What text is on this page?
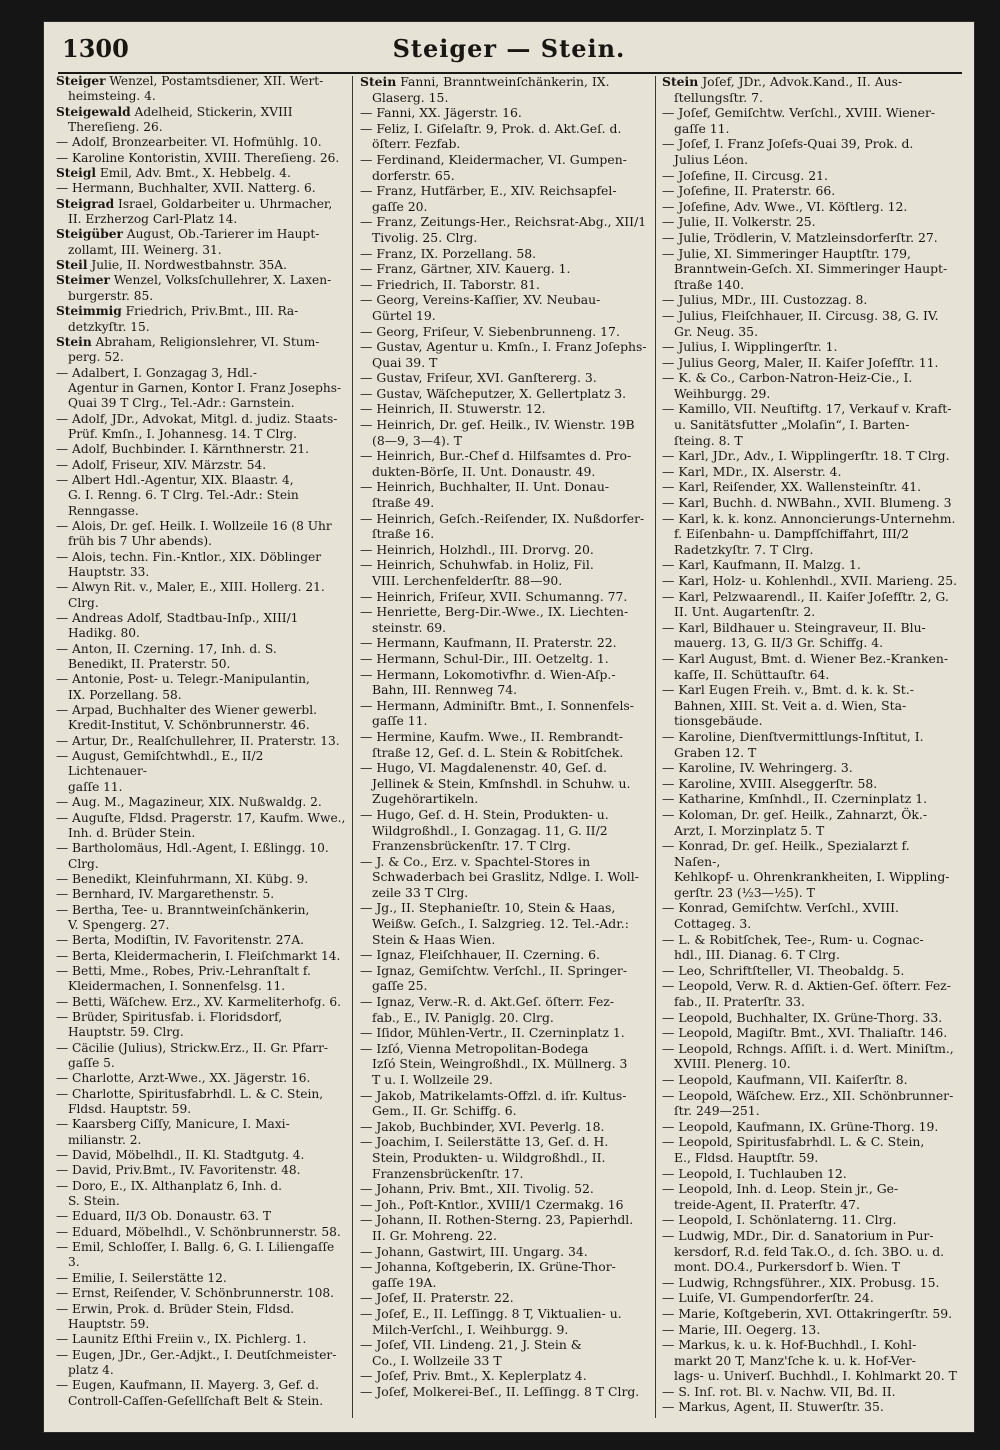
1300	Steiger — Stein.

Steiger Wenzel, Postamtsdiener, XII. Wert-
heimsteing. 4.

Steigewald Adelheid, Stickerin, XVIII
Thereſieng. 26.

— Adolf, Bronzearbeiter. VI. Hofmühlg. 10.

— Karoline Kontoristin, XVIII. Thereſieng. 26.

Steigl Emil, Adv. Bmt., X. Hebbelg. 4.

— Hermann, Buchhalter, XVII. Natterg. 6.

Steigrad Israel, Goldarbeiter u. Uhrmacher,
II. Erzherzog Carl-Platz 14.

Steigüber August, Ob.-Tarierer im Haupt-
zollamt, III. Weinerg. 31.

Steil Julie, II. Nordwestbahnstr. 35A.

Steimer Wenzel, Volksſchullehrer, X. Laxen-
burgerstr. 85.

Steimmig Friedrich, Priv.Bmt., III. Ra-
detzkyſtr. 15.

Stein Abraham, Religionslehrer, VI. Stum-
perg. 52.

— Adalbert, I. Gonzagag 3, Hdl.-
Agentur in Garnen, Kontor I. Franz Josephs-
Quai 39 T Clrg., Tel.-Adr.: Garnstein.

— Adolf, JDr., Advokat, Mitgl. d. judiz. Staats-
Prüf. Kmſn., I. Johannesg. 14. T Clrg.

— Adolf, Buchbinder. I. Kärnthnerstr. 21.

— Adolf, Friseur, XIV. Märzstr. 54.

— Albert Hdl.-Agentur, XIX. Blaastr. 4,
G. I. Renng. 6. T Clrg. Tel.-Adr.: Stein
Renngasse.

— Alois, Dr. geſ. Heilk. I. Wollzeile 16 (8 Uhr
früh bis 7 Uhr abends).

— Alois, techn. Fin.-Kntlor., XIX. Döblinger
Hauptstr. 33.

— Alwyn Rit. v., Maler, E., XIII. Hollerg. 21.
Clrg.

— Andreas Adolf, Stadtbau-Inſp., XIII/1
Hadikg. 80.

— Anton, II. Czerning. 17, Inh. d. S.
Benedikt, II. Praterstr. 50.

— Antonie, Post- u. Telegr.-Manipulantin,
IX. Porzellang. 58.

— Arpad, Buchhalter des Wiener gewerbl.
Kredit-Institut, V. Schönbrunnerstr. 46.

— Artur, Dr., Realſchullehrer, II. Praterstr. 13.

— August, Gemiſchtwhdl., E., II/2 Lichtenauer-
gaſſe 11.

— Aug. M., Magazineur, XIX. Nußwaldg. 2.

— Auguſte, Fldsd. Pragerstr. 17, Kaufm. Wwe.,
Inh. d. Brüder Stein.

— Bartholomäus, Hdl.-Agent, I. Eßlingg. 10.
Clrg.

— Benedikt, Kleinfuhrmann, XI. Kübg. 9.

— Bernhard, IV. Margarethenstr. 5.

— Bertha, Tee- u. Branntweinſchänkerin,
V. Spengerg. 27.

— Berta, Modiſtin, IV. Favoritenstr. 27A.

— Berta, Kleidermacherin, I. Fleiſchmarkt 14.

— Betti, Mme., Robes, Priv.-Lehranſtalt f.
Kleidermachen, I. Sonnenfelsg. 11.

— Betti, Wäſchew. Erz., XV. Karmeliterhofg. 6.

— Brüder, Spiritusfab. i. Floridsdorf,
Hauptstr. 59. Clrg.

— Cäcilie (Julius), Strickw.Erz., II. Gr. Pfarr-
gaſſe 5.

— Charlotte, Arzt-Wwe., XX. Jägerstr. 16.

— Charlotte, Spiritusfabrhdl. L. & C. Stein,
Fldsd. Hauptstr. 59.

— Kaarsberg Ciſſy, Manicure, I. Maxi-
milianstr. 2.

— David, Möbelhdl., II. Kl. Stadtgutg. 4.

— David, Priv.Bmt., IV. Favoritenstr. 48.

— Doro, E., IX. Althanplatz 6, Inh. d.
S. Stein.

— Eduard, II/3 Ob. Donaustr. 63. T

— Eduard, Möbelhdl., V. Schönbrunnerstr. 58.

— Emil, Schloſſer, I. Ballg. 6, G. I. Liliengaſſe 3.

— Emilie, I. Seilerstätte 12.

— Ernst, Reiſender, V. Schönbrunnerstr. 108.

— Erwin, Prok. d. Brüder Stein, Fldsd.
Hauptstr. 59.

— Launitz Eſthi Freiin v., IX. Pichlerg. 1.

— Eugen, JDr., Ger.-Adjkt., I. Deutſchmeister-
platz 4.

— Eugen, Kaufmann, II. Mayerg. 3, Gef. d.
Controll-Caſſen-Geſellſchaft Belt & Stein.

Stein Fanni, Branntweinſchänkerin, IX.
Glaserg. 15.

— Fanni, XX. Jägerstr. 16.

— Feliz, I. Giſelaſtr. 9, Prok. d. Akt.Geſ. d.
öſterr. Fezfab.

— Ferdinand, Kleidermacher, VI. Gumpen-
dorferstr. 65.

— Franz, Hutfärber, E., XIV. Reichsapfel-
gaſſe 20.

— Franz, Zeitungs-Her., Reichsrat-Abg., XII/1
Tivolig. 25. Clrg.

— Franz, IX. Porzellang. 58.

— Franz, Gärtner, XIV. Kauerg. 1.

— Friedrich, II. Taborstr. 81.

— Georg, Vereins-Kaſſier, XV. Neubau-
Gürtel 19.

— Georg, Friſeur, V. Siebenbrunneng. 17.

— Gustav, Agentur u. Kmſn., I. Franz Joſephs-
Quai 39. T

— Gustav, Friſeur, XVI. Ganſtererg. 3.

— Gustav, Wäſcheputzer, X. Gellertplatz 3.

— Heinrich, II. Stuwerstr. 12.

— Heinrich, Dr. geſ. Heilk., IV. Wienstr. 19B
(8—9, 3—4). T

— Heinrich, Bur.-Chef d. Hilfsamtes d. Pro-
dukten-Börſe, II. Unt. Donaustr. 49.

— Heinrich, Buchhalter, II. Unt. Donau-
ſtraße 49.

— Heinrich, Geſch.-Reiſender, IX. Nußdorfer-
ſtraße 16.

— Heinrich, Holzhdl., III. Drorvg. 20.

— Heinrich, Schuhwfab. in Holiz, Fil.
VIII. Lerchenfelderſtr. 88—90.

— Heinrich, Friſeur, XVII. Schumanng. 77.

— Henriette, Berg-Dir.-Wwe., IX. Liechten-
steinstr. 69.

— Hermann, Kaufmann, II. Praterstr. 22.

— Hermann, Schul-Dir., III. Oetzeltg. 1.

— Hermann, Lokomotivfhr. d. Wien-Aſp.-
Bahn, III. Rennweg 74.

— Hermann, Adminiſtr. Bmt., I. Sonnenfels-
gaſſe 11.

— Hermine, Kaufm. Wwe., II. Rembrandt-
ſtraße 12, Geſ. d. L. Stein & Robitſchek.

— Hugo, VI. Magdalenenstr. 40, Geſ. d.
Jellinek & Stein, Kmſnshdl. in Schuhw. u.
Zugehörartikeln.

— Hugo, Geſ. d. H. Stein, Produkten- u.
Wildgroßhdl., I. Gonzagag. 11, G. II/2
Franzensbrückenſtr. 17. T Clrg.

— J. & Co., Erz. v. Spachtel-Stores in
Schwaderbach bei Graslitz, Ndlge. I. Woll-
zeile 33 T Clrg.

— Jg., II. Stephanieſtr. 10, Stein & Haas,
Weißw. Geſch., I. Salzgrieg. 12. Tel.-Adr.:
Stein & Haas Wien.

— Ignaz, Fleiſchhauer, II. Czerning. 6.

— Ignaz, Gemiſchtw. Verſchl., II. Springer-
gaſſe 25.

— Ignaz, Verw.-R. d. Akt.Geſ. öſterr. Fez-
fab., E., IV. Paniglg. 20. Clrg.

— Iſidor, Mühlen-Vertr., II. Czerninplatz 1.

— Izſó, Vienna Metropolitan-Bodega
Izſó Stein, Weingroßhdl., IX. Müllnerg. 3
T u. I. Wollzeile 29.

— Jakob, Matrikelamts-Offzl. d. iſr. Kultus-
Gem., II. Gr. Schiffg. 6.

— Jakob, Buchbinder, XVI. Peverlg. 18.

— Joachim, I. Seilerstätte 13, Geſ. d. H.
Stein, Produkten- u. Wildgroßhdl., II.
Franzensbrückenſtr. 17.

— Johann, Priv. Bmt., XII. Tivolig. 52.

— Joh., Poſt-Kntlor., XVIII/1 Czermakg. 16

— Johann, II. Rothen-Sterng. 23, Papierhdl.
II. Gr. Mohreng. 22.

— Johann, Gastwirt, III. Ungarg. 34.

— Johanna, Koſtgeberin, IX. Grüne-Thor-
gaſſe 19A.

— Joſef, II. Praterstr. 22.

— Joſef, E., II. Leſſingg. 8 T, Viktualien- u.
Milch-Verſchl., I. Weihburgg. 9.

— Joſef, VII. Lindeng. 21, J. Stein &
Co., I. Wollzeile 33 T

— Joſef, Priv. Bmt., X. Keplerplatz 4.

— Joſef, Molkerei-Beſ., II. Leſſingg. 8 T Clrg.

Stein Joſef, JDr., Advok.Kand., II. Aus-
ſtellungsſtr. 7.

— Joſef, Gemiſchtw. Verſchl., XVIII. Wiener-
gaſſe 11.

— Joſef, I. Franz Joſefs-Quai 39, Prok. d.
Julius Léon.

— Joſefine, II. Circusg. 21.

— Joſefine, II. Praterstr. 66.

— Joſefine, Adv. Wwe., VI. Köſtlerg. 12.

— Julie, II. Volkerstr. 25.

— Julie, Trödlerin, V. Matzleinsdorferſtr. 27.

— Julie, XI. Simmeringer Hauptſtr. 179,
Branntwein-Geſch. XI. Simmeringer Haupt-
ſtraße 140.

— Julius, MDr., III. Custozzag. 8.

— Julius, Fleiſchhauer, II. Circusg. 38, G. IV.
Gr. Neug. 35.

— Julius, I. Wipplingerſtr. 1.

— Julius Georg, Maler, II. Kaiſer Joſefſtr. 11.

— K. & Co., Carbon-Natron-Heiz-Cie., I.
Weihburgg. 29.

— Kamillo, VII. Neuſtiftg. 17, Verkauf v. Kraft-
u. Sanitätsfutter „Molaſin“, I. Barten-
ſteing. 8. T

— Karl, JDr., Adv., I. Wipplingerſtr. 18. T Clrg.

— Karl, MDr., IX. Alserstr. 4.

— Karl, Reiſender, XX. Wallensteinſtr. 41.

— Karl, Buchh. d. NWBahn., XVII. Blumeng. 3

— Karl, k. k. konz. Annoncierungs-Unternehm.
f. Eiſenbahn- u. Dampfſchiffahrt, III/2
Radetzkyſtr. 7. T Clrg.

— Karl, Kaufmann, II. Malzg. 1.

— Karl, Holz- u. Kohlenhdl., XVII. Marieng. 25.

— Karl, Pelzwaarendl., II. Kaiſer Joſefſtr. 2, G.
II. Unt. Augartenſtr. 2.

— Karl, Bildhauer u. Steingraveur, II. Blu-
mauerg. 13, G. II/3 Gr. Schiffg. 4.

— Karl August, Bmt. d. Wiener Bez.-Kranken-
kaſſe, II. Schüttauſtr. 64.

— Karl Eugen Freih. v., Bmt. d. k. k. St.-
Bahnen, XIII. St. Veit a. d. Wien, Sta-
tionsgebäude.

— Karoline, Dienſtvermittlungs-Inſtitut, I.
Graben 12. T

— Karoline, IV. Wehringerg. 3.

— Karoline, XVIII. Alseggerſtr. 58.

— Katharine, Kmſnhdl., II. Czerninplatz 1.

— Koloman, Dr. geſ. Heilk., Zahnarzt, Ök.-
Arzt, I. Morzinplatz 5. T

— Konrad, Dr. geſ. Heilk., Spezialarzt f. Naſen-,
Kehlkopf- u. Ohrenkrankheiten, I. Wippling-
gerſtr. 23 (½3—½5). T

— Konrad, Gemiſchtw. Verſchl., XVIII.
Cottageg. 3.

— L. & Robitſchek, Tee-, Rum- u. Cognac-
hdl., III. Dianag. 6. T Clrg.

— Leo, Schriftſteller, VI. Theobaldg. 5.

— Leopold, Verw. R. d. Aktien-Geſ. öſterr. Fez-
fab., II. Praterſtr. 33.

— Leopold, Buchhalter, IX. Grüne-Thorg. 33.

— Leopold, Magiſtr. Bmt., XVI. Thaliaſtr. 146.

— Leopold, Rchngs. Aſſiſt. i. d. Wert. Miniſtm.,
XVIII. Plenerg. 10.

— Leopold, Kaufmann, VII. Kaiſerſtr. 8.

— Leopold, Wäſchew. Erz., XII. Schönbrunner-
ſtr. 249—251.

— Leopold, Kaufmann, IX. Grüne-Thorg. 19.

— Leopold, Spiritusfabrhdl. L. & C. Stein,
E., Fldsd. Hauptſtr. 59.

— Leopold, I. Tuchlauben 12.

— Leopold, Inh. d. Leop. Stein jr., Ge-
treide-Agent, II. Praterſtr. 47.

— Leopold, I. Schönlaterng. 11. Clrg.

— Ludwig, MDr., Dir. d. Sanatorium in Pur-
kersdorf, R.d. feld Tak.O., d. ſch. 3BO. u. d.
mont. DO.4., Purkersdorf b. Wien. T

— Ludwig, Rchngsführer., XIX. Probusg. 15.

— Luiſe, VI. Gumpendorferſtr. 24.

— Marie, Koſtgeberin, XVI. Ottakringerſtr. 59.

— Marie, III. Oegerg. 13.

— Markus, k. u. k. Hof-Buchhdl., I. Kohl-
markt 20 T, Manz'ſche k. u. k. Hof-Ver-
lags- u. Univerſ. Buchhdl., I. Kohlmarkt 20. T

— S. Inſ. rot. Bl. v. Nachw. VII, Bd. II.

— Markus, Agent, II. Stuwerſtr. 35.
